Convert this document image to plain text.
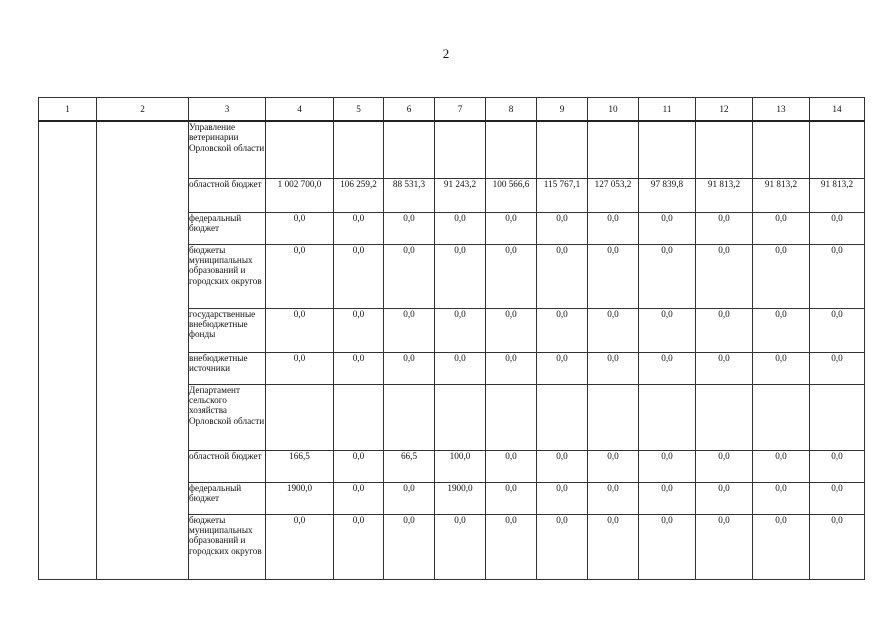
2
1	2	3	4	5	6	7	8	9	10	11	12	13	14
		Управление ветеринарии Орловской области											
		областной бюджет	1 002 700,0	106 259,2	88 531,3	91 243,2	100 566,6	115 767,1	127 053,2	97 839,8	91 813,2	91 813,2	91 813,2
		федеральный бюджет	0,0	0,0	0,0	0,0	0,0	0,0	0,0	0,0	0,0	0,0	0,0
		бюджеты муниципальных образований и городских округов	0,0	0,0	0,0	0,0	0,0	0,0	0,0	0,0	0,0	0,0	0,0
		государственные внебюджетные фонды	0,0	0,0	0,0	0,0	0,0	0,0	0,0	0,0	0,0	0,0	0,0
		внебюджетные источники	0,0	0,0	0,0	0,0	0,0	0,0	0,0	0,0	0,0	0,0	0,0
		Департамент сельского хозяйства Орловской области											
		областной бюджет	166,5	0,0	66,5	100,0	0,0	0,0	0,0	0,0	0,0	0,0	0,0
		федеральный бюджет	1900,0	0,0	0,0	1900,0	0,0	0,0	0,0	0,0	0,0	0,0	0,0
		бюджеты муниципальных образований и городских округов	0,0	0,0	0,0	0,0	0,0	0,0	0,0	0,0	0,0	0,0	0,0
